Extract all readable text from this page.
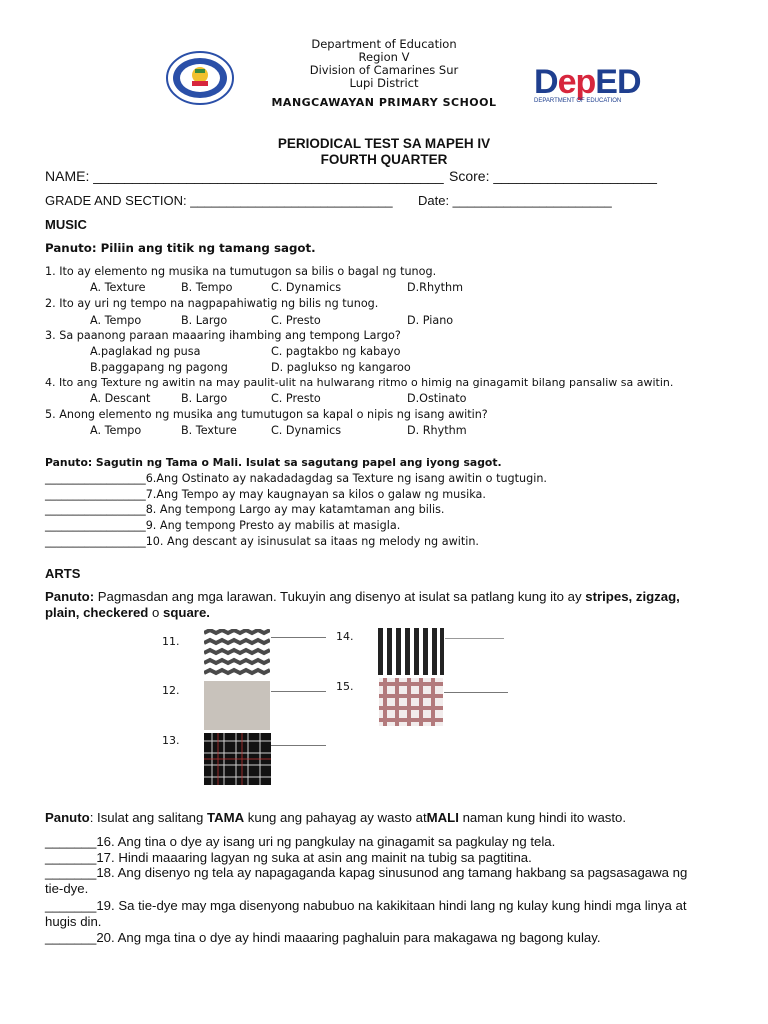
Department of Education
Region V
Division of Camarines Sur
Lupi District
MANGCAWAYAN PRIMARY SCHOOL
DepED
DEPARTMENT OF EDUCATION
PERIODICAL TEST SA MAPEH IV
FOURTH QUARTER
NAME: _____________________________________________ Score: _____________________
GRADE AND SECTION: ____________________________ Date: ______________________
MUSIC
Panuto: Piliin ang titik ng tamang sagot.
1. Ito ay elemento ng musika na tumutugon sa bilis o bagal ng tunog.
A. Texture	B. Tempo	C. Dynamics	D.Rhythm
2. Ito ay uri ng tempo na nagpapahiwatig ng bilis ng tunog.
A. Tempo	B. Largo	C. Presto	D. Piano
3. Sa paanong paraan maaaring ihambing ang tempong Largo?
A.paglakad ng pusa	C. pagtakbo ng kabayo
B.paggapang ng pagong	D. paglukso ng kangaroo
4. Ito ang Texture ng awitin na may paulit-ulit na hulwarang ritmo o himig na ginagamit bilang pansaliw sa awitin.
A. Descant	B. Largo	C. Presto	D.Ostinato
5. Anong elemento ng musika ang tumutugon sa kapal o nipis ng isang awitin?
A. Tempo	B. Texture	C. Dynamics	D. Rhythm
Panuto: Sagutin ng Tama o Mali. Isulat sa sagutang papel ang iyong sagot.
__________________6.Ang Ostinato ay nakadadagdag sa Texture ng isang awitin o tugtugin.
__________________7.Ang Tempo ay may kaugnayan sa kilos o galaw ng musika.
__________________8. Ang tempong Largo ay may katamtaman ang bilis.
__________________9. Ang tempong Presto ay mabilis at masigla.
__________________10. Ang descant ay isinusulat sa itaas ng melody ng awitin.
ARTS
Panuto: Pagmasdan ang mga larawan. Tukuyin ang disenyo at isulat sa patlang kung ito ay stripes, zigzag,
plain, checkered o square.
11.
12.
13.
14.
15.
Panuto: Isulat ang salitang TAMA kung ang pahayag ay wasto atMALI naman kung hindi ito wasto.
_______16. Ang tina o dye ay isang uri ng pangkulay na ginagamit sa pagkulay ng tela.
_______17. Hindi maaaring lagyan ng suka at asin ang mainit na tubig sa pagtitina.
_______18. Ang disenyo ng tela ay napagaganda kapag sinusunod ang tamang hakbang sa pagsasagawa ng
tie-dye.
_______19. Sa tie-dye may mga disenyong nabubuo na kakikitaan hindi lang ng kulay kung hindi mga linya at
hugis din.
_______20. Ang mga tina o dye ay hindi maaaring paghaluin para makagawa ng bagong kulay.
